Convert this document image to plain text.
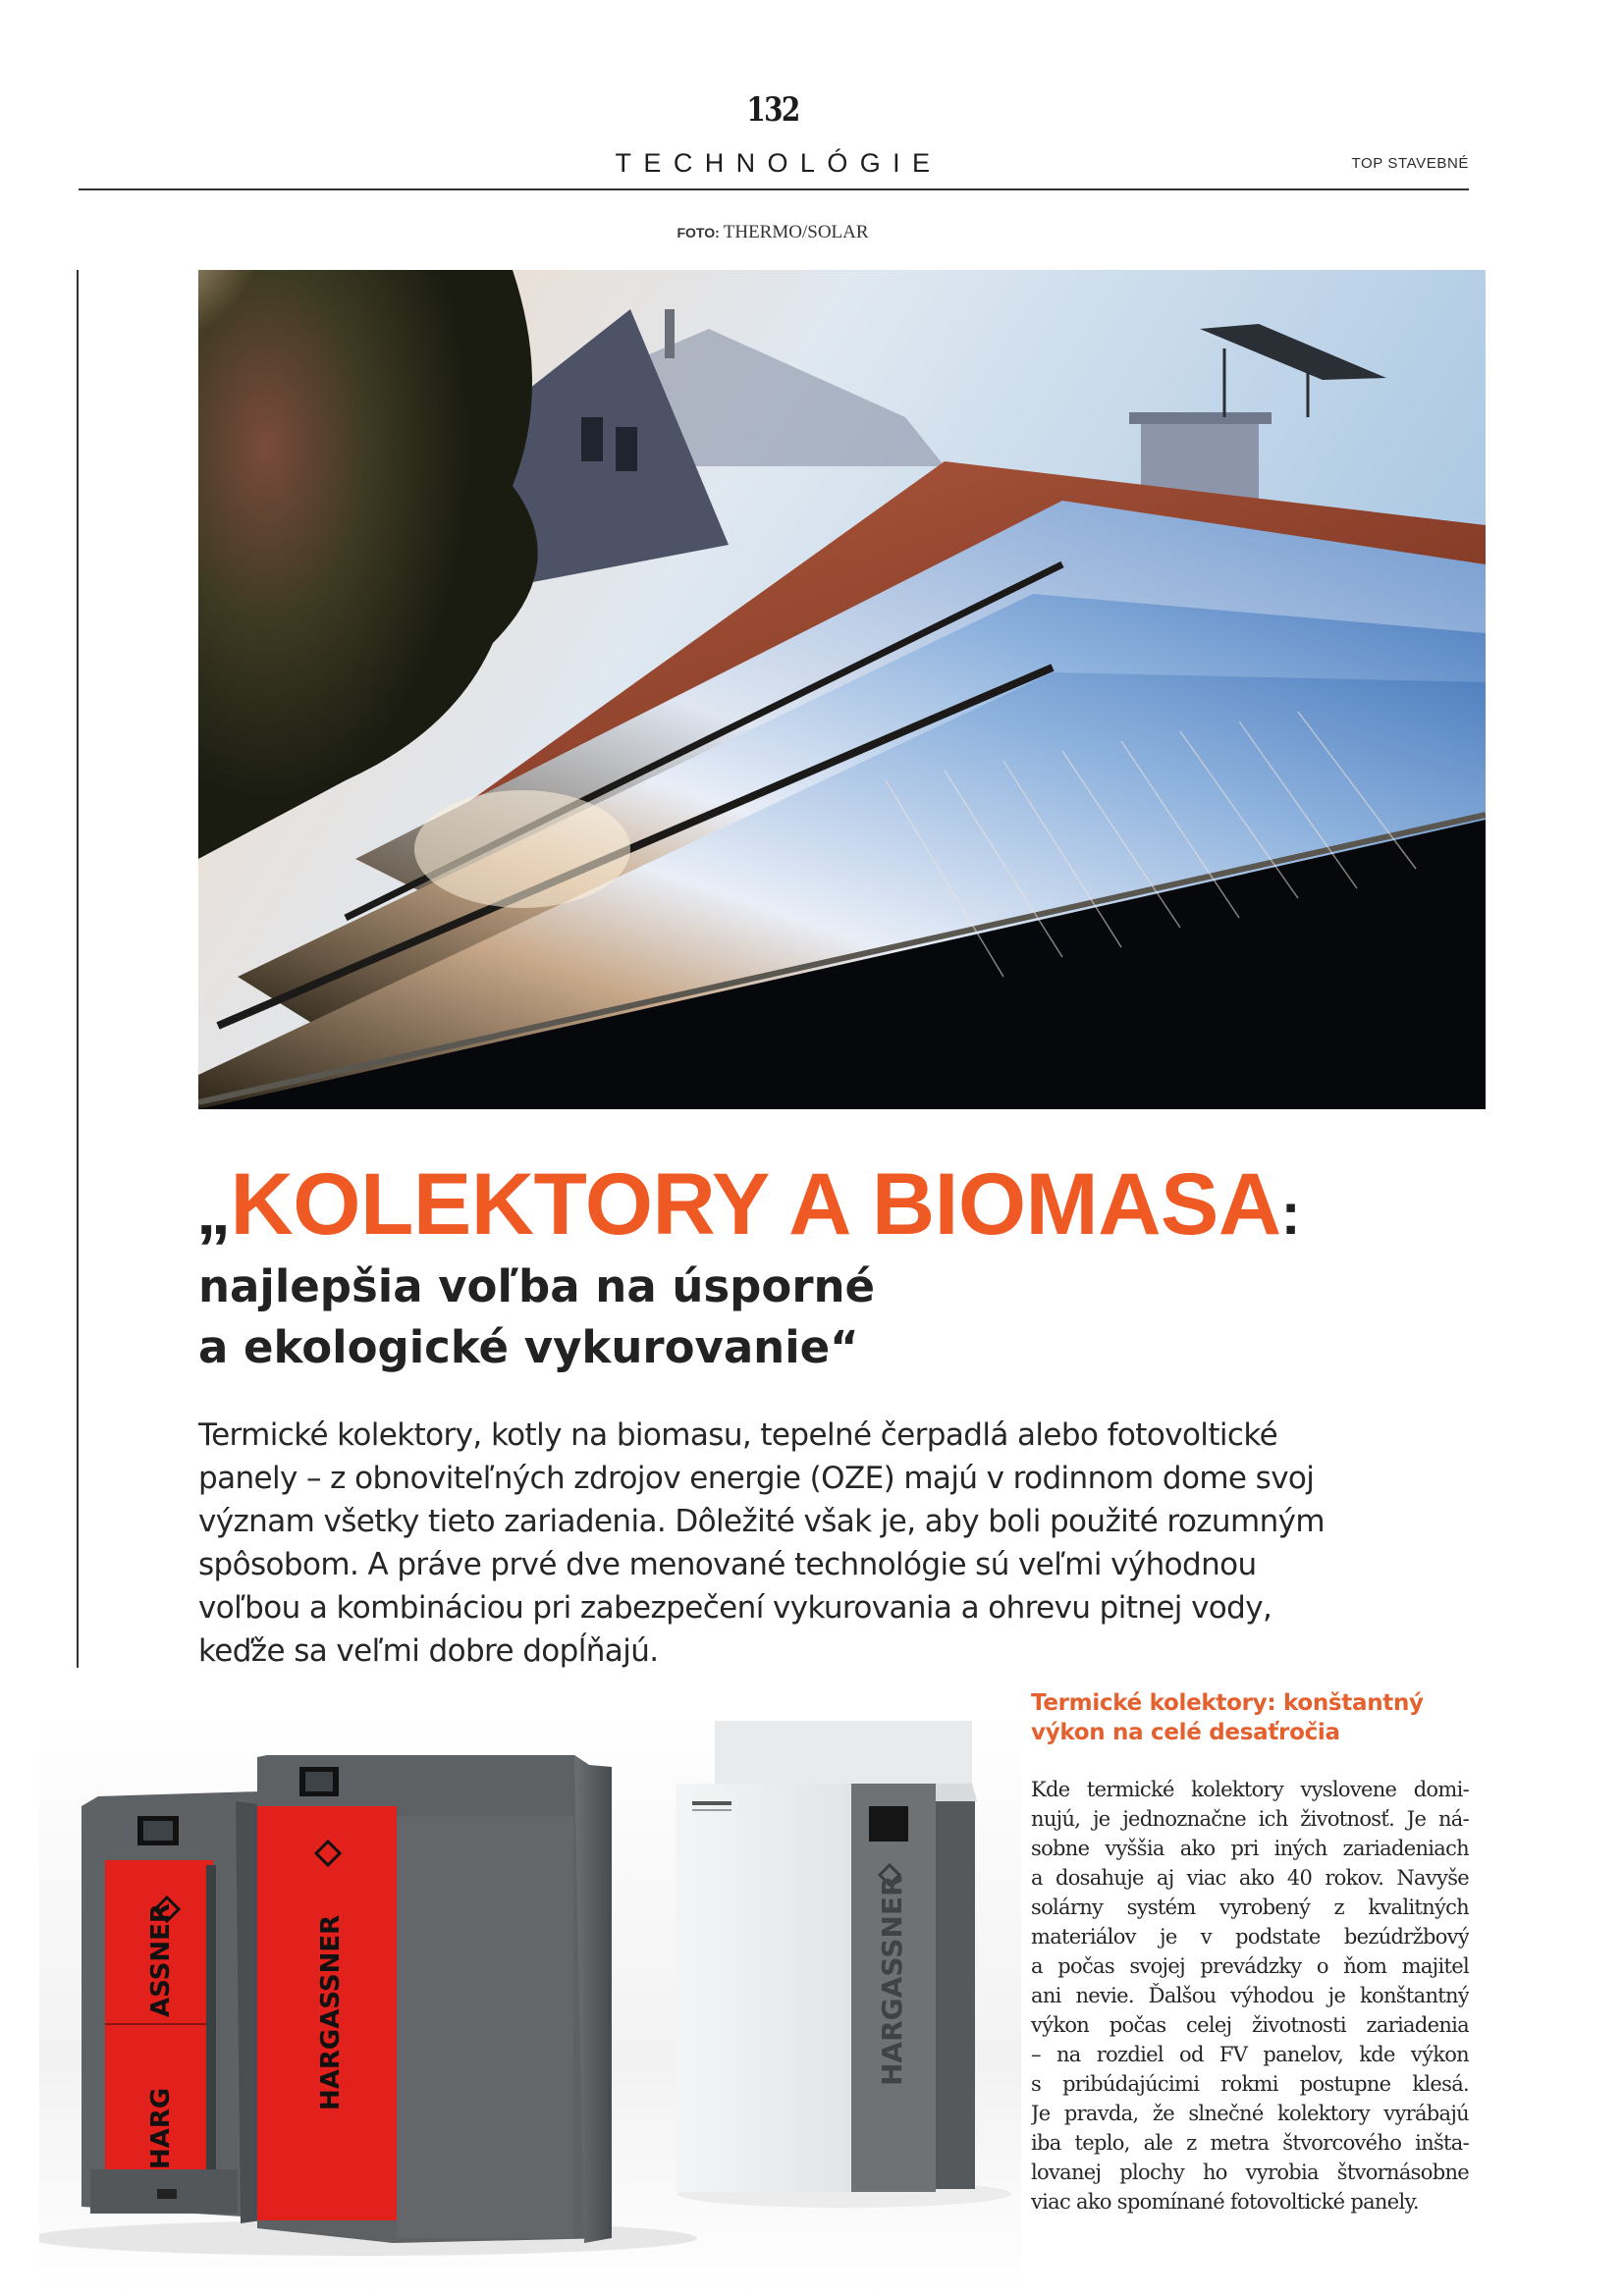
132
TECHNOLÓGIE	TOP STAVEBNÉ
FOTO: THERMO/SOLAR
„KOLEKTORY A BIOMASA:
najlepšia voľba na úsporné
a ekologické vykurovanie“
Termické kolektory, kotly na biomasu, tepelné čerpadlá alebo fotovoltické
panely – z obnoviteľných zdrojov energie (OZE) majú v rodinnom dome svoj
význam všetky tieto zariadenia. Dôležité však je, aby boli použité rozumným
spôsobom. A práve prvé dve menované technológie sú veľmi výhodnou
voľbou a kombináciou pri zabezpečení vykurovania a ohrevu pitnej vody,
keďže sa veľmi dobre dopĺňajú.
HARG
ASSNER	HARGASSNER	HARGASSNER
Termické kolektory: konštantný
výkon na celé desaťročia
Kde termické kolektory vyslovene domi-
nujú, je jednoznačne ich životnosť. Je ná-
sobne vyššia ako pri iných zariadeniach
a dosahuje aj viac ako 40 rokov. Navyše
solárny systém vyrobený z kvalitných
materiálov je v podstate bezúdržbový
a počas svojej prevádzky o ňom majiteľ
ani nevie. Ďalšou výhodou je konštantný
výkon počas celej životnosti zariadenia
– na rozdiel od FV panelov, kde výkon
s pribúdajúcimi rokmi postupne klesá.
Je pravda, že slnečné kolektory vyrábajú
iba teplo, ale z metra štvorcového inšta-
lovanej plochy ho vyrobia štvornásobne
viac ako spomínané fotovoltické panely.
